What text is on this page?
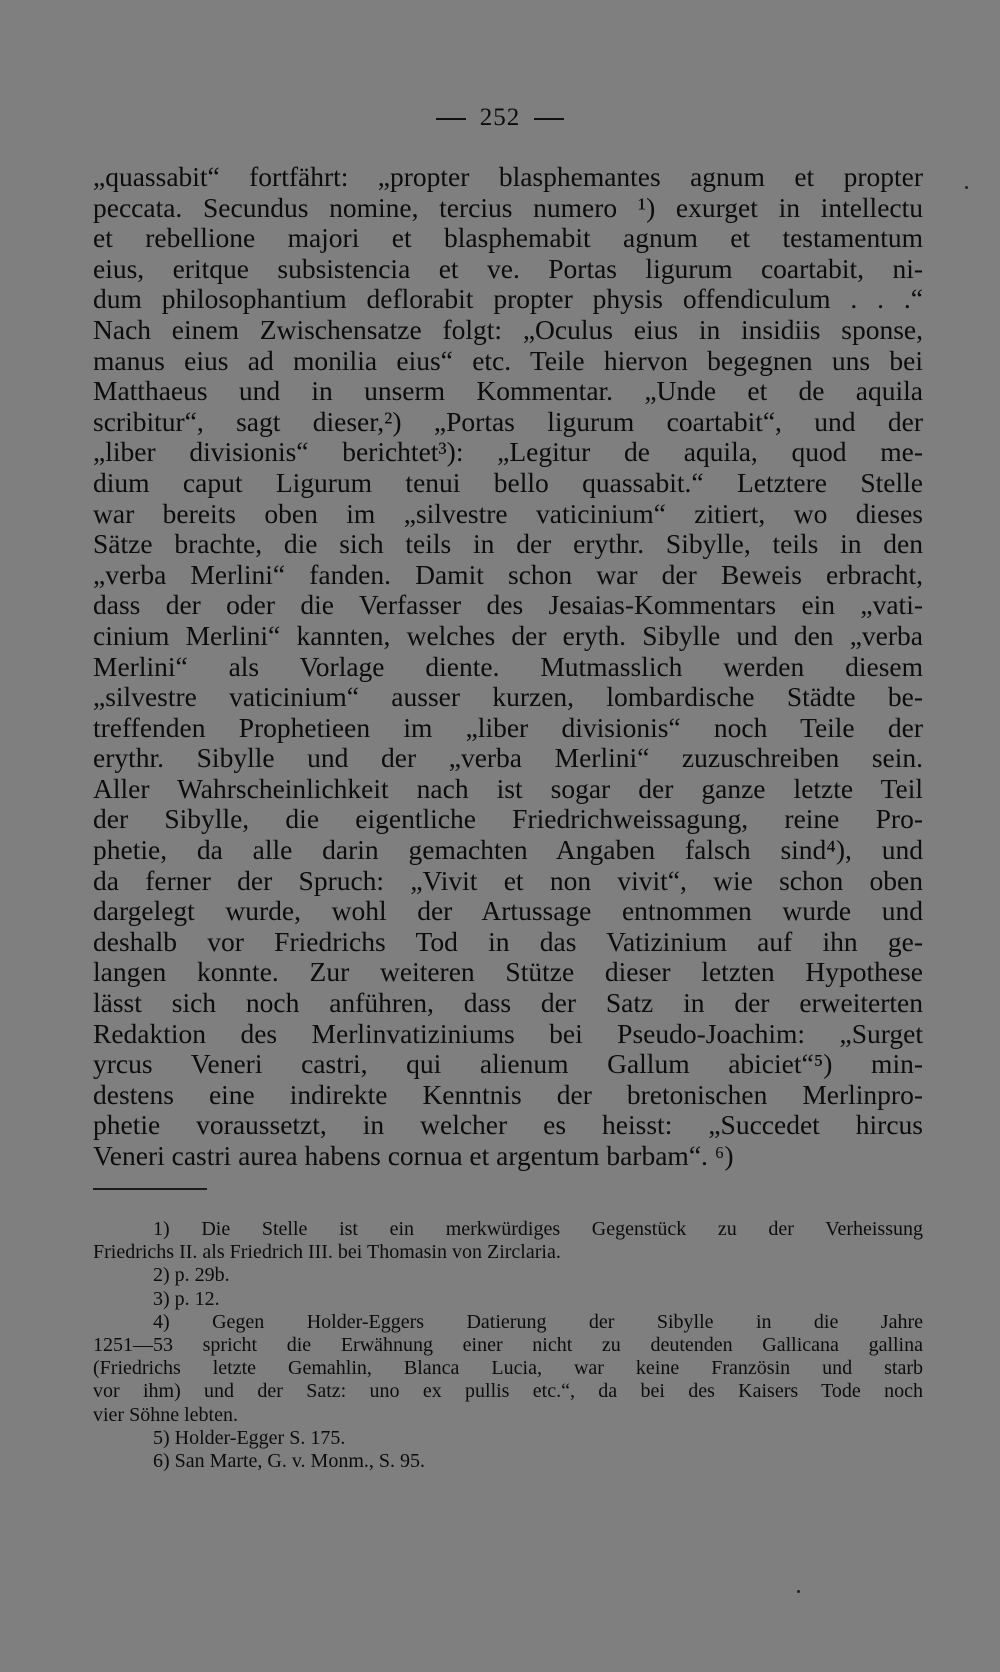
252
„quassabit“ fortfährt: „propter blasphemantes agnum et propter
peccata. Secundus nomine, tercius numero ¹) exurget in intellectu
et rebellione majori et blasphemabit agnum et testamentum
eius, eritque subsistencia et ve. Portas ligurum coartabit, ni-
dum philosophantium deflorabit propter physis offendiculum . . .“
Nach einem Zwischensatze folgt: „Oculus eius in insidiis sponse,
manus eius ad monilia eius“ etc. Teile hiervon begegnen uns bei
Matthaeus und in unserm Kommentar. „Unde et de aquila
scribitur“, sagt dieser,²) „Portas ligurum coartabit“, und der
„liber divisionis“ berichtet³): „Legitur de aquila, quod me-
dium caput Ligurum tenui bello quassabit.“ Letztere Stelle
war bereits oben im „silvestre vaticinium“ zitiert, wo dieses
Sätze brachte, die sich teils in der erythr. Sibylle, teils in den
„verba Merlini“ fanden. Damit schon war der Beweis erbracht,
dass der oder die Verfasser des Jesaias-Kommentars ein „vati-
cinium Merlini“ kannten, welches der eryth. Sibylle und den „verba
Merlini“ als Vorlage diente. Mutmasslich werden diesem
„silvestre vaticinium“ ausser kurzen, lombardische Städte be-
treffenden Prophetieen im „liber divisionis“ noch Teile der
erythr. Sibylle und der „verba Merlini“ zuzuschreiben sein.
Aller Wahrscheinlichkeit nach ist sogar der ganze letzte Teil
der Sibylle, die eigentliche Friedrichweissagung, reine Pro-
phetie, da alle darin gemachten Angaben falsch sind⁴), und
da ferner der Spruch: „Vivit et non vivit“, wie schon oben
dargelegt wurde, wohl der Artussage entnommen wurde und
deshalb vor Friedrichs Tod in das Vatizinium auf ihn ge-
langen konnte. Zur weiteren Stütze dieser letzten Hypothese
lässt sich noch anführen, dass der Satz in der erweiterten
Redaktion des Merlinvatiziniums bei Pseudo-Joachim: „Surget
yrcus Veneri castri, qui alienum Gallum abiciet“⁵) min-
destens eine indirekte Kenntnis der bretonischen Merlinpro-
phetie voraussetzt, in welcher es heisst: „Succedet hircus
Veneri castri aurea habens cornua et argentum barbam“. ⁶)
1) Die Stelle ist ein merkwürdiges Gegenstück zu der Verheissung
Friedrichs II. als Friedrich III. bei Thomasin von Zirclaria.
2) p. 29b.
3) p. 12.
4) Gegen Holder-Eggers Datierung der Sibylle in die Jahre
1251—53 spricht die Erwähnung einer nicht zu deutenden Gallicana gallina
(Friedrichs letzte Gemahlin, Blanca Lucia, war keine Französin und starb
vor ihm) und der Satz: uno ex pullis etc.“, da bei des Kaisers Tode noch
vier Söhne lebten.
5) Holder-Egger S. 175.
6) San Marte, G. v. Monm., S. 95.
